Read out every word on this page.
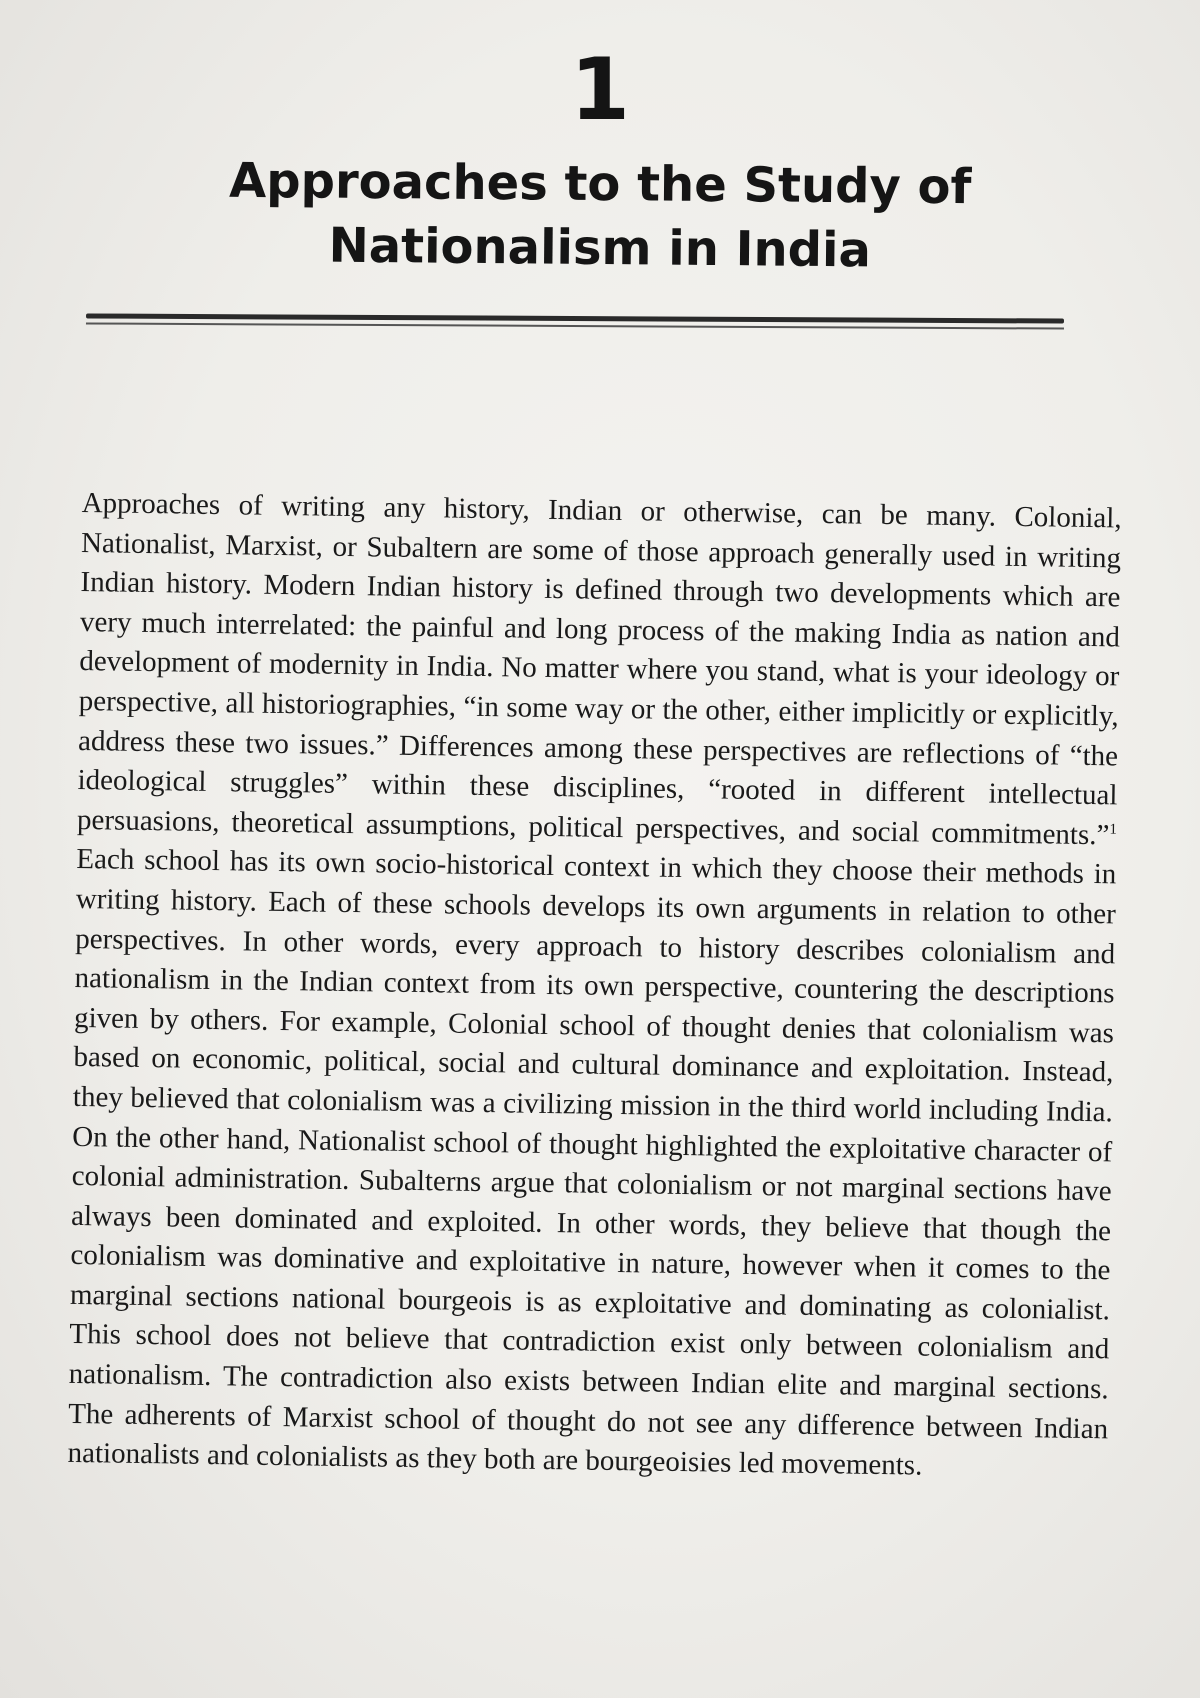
1
Approaches to the Study of
Nationalism in India

Approaches of writing any history, Indian or otherwise, can be many. Colonial, Nationalist, Marxist, or Subaltern are some of those approach generally used in writing Indian history. Modern Indian history is defined through two developments which are very much interrelated: the painful and long process of the making India as nation and development of modernity in India. No matter where you stand, what is your ideology or perspective, all historiographies, “in some way or the other, either implicitly or explicitly, address these two issues.” Differences among these perspectives are reflections of “the ideological struggles” within these disciplines, “rooted in different intellectual persuasions, theoretical assumptions, political perspectives, and social commitments.”$^1$ Each school has its own socio-historical context in which they choose their methods in writing history. Each of these schools develops its own arguments in relation to other perspectives. In other words, every approach to history describes colonialism and nationalism in the Indian context from its own perspective, countering the descriptions given by others. For example, Colonial school of thought denies that colonialism was based on economic, political, social and cultural dominance and exploitation. Instead, they believed that colonialism was a civilizing mission in the third world including India. On the other hand, Nationalist school of thought highlighted the exploitative character of colonial administration. Subalterns argue that colonialism or not marginal sections have always been dominated and exploited. In other words, they believe that though the colonialism was dominative and exploitative in nature, however when it comes to the marginal sections national bourgeois is as exploitative and dominating as colonialist. This school does not believe that contradiction exist only between colonialism and nationalism. The contradiction also exists between Indian elite and marginal sections. The adherents of Marxist school of thought do not see any difference between Indian nationalists and colonialists as they both are bourgeoisies led movements.
